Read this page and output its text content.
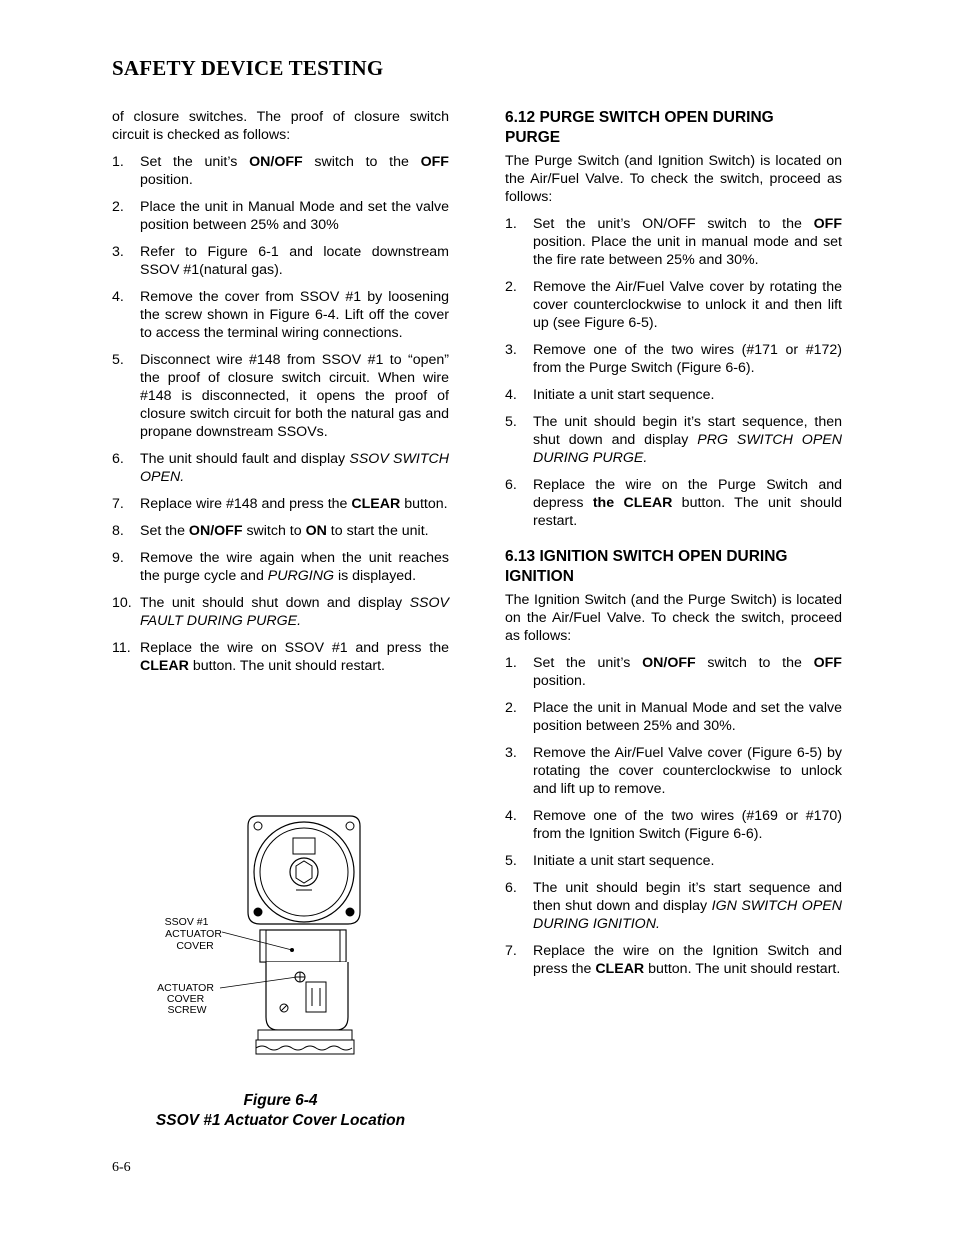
SAFETY DEVICE TESTING

of closure switches. The proof of closure switch circuit is checked as follows:

1. Set the unit’s ON/OFF switch to the OFF position.
2. Place the unit in Manual Mode and set the valve position between 25% and 30%
3. Refer to Figure 6-1 and locate downstream SSOV #1(natural gas).
4. Remove the cover from SSOV #1 by loosening the screw shown in Figure 6-4. Lift off the cover to access the terminal wiring connections.
5. Disconnect wire #148 from SSOV #1 to “open” the proof of closure switch circuit. When wire #148 is disconnected, it opens the proof of closure switch circuit for both the natural gas and propane downstream SSOVs.
6. The unit should fault and display SSOV SWITCH OPEN.
7. Replace wire #148 and press the CLEAR button.
8. Set the ON/OFF switch to ON to start the unit.
9. Remove the wire again when the unit reaches the purge cycle and PURGING is displayed.
10. The unit should shut down and display SSOV FAULT DURING PURGE.
11. Replace the wire on SSOV #1 and press the CLEAR button. The unit should restart.
SSOV #1 ACTUATOR COVER
ACTUATOR COVER SCREW
Figure 6-4
SSOV #1 Actuator Cover Location
6.12 PURGE SWITCH OPEN DURING
PURGE

The Purge Switch (and Ignition Switch) is located on the Air/Fuel Valve. To check the switch, proceed as follows:

1. Set the unit’s ON/OFF switch to the OFF position. Place the unit in manual mode and set the fire rate between 25% and 30%.
2. Remove the Air/Fuel Valve cover by rotating the cover counterclockwise to unlock it and then lift up (see Figure 6-5).
3. Remove one of the two wires (#171 or #172) from the Purge Switch (Figure 6-6).
4. Initiate a unit start sequence.
5. The unit should begin it’s start sequence, then shut down and display PRG SWITCH OPEN DURING PURGE.
6. Replace the wire on the Purge Switch and depress the CLEAR button. The unit should restart.
6.13 IGNITION SWITCH OPEN DURING
IGNITION

The Ignition Switch (and the Purge Switch) is located on the Air/Fuel Valve. To check the switch, proceed as follows:

1. Set the unit’s ON/OFF switch to the OFF position.
2. Place the unit in Manual Mode and set the valve position between 25% and 30%.
3. Remove the Air/Fuel Valve cover (Figure 6-5) by rotating the cover counterclockwise to unlock and lift up to remove.
4. Remove one of the two wires (#169 or #170) from the Ignition Switch (Figure 6-6).
5. Initiate a unit start sequence.
6. The unit should begin it’s start sequence and then shut down and display IGN SWITCH OPEN DURING IGNITION.
7. Replace the wire on the Ignition Switch and press the CLEAR button. The unit should restart.
6-6
